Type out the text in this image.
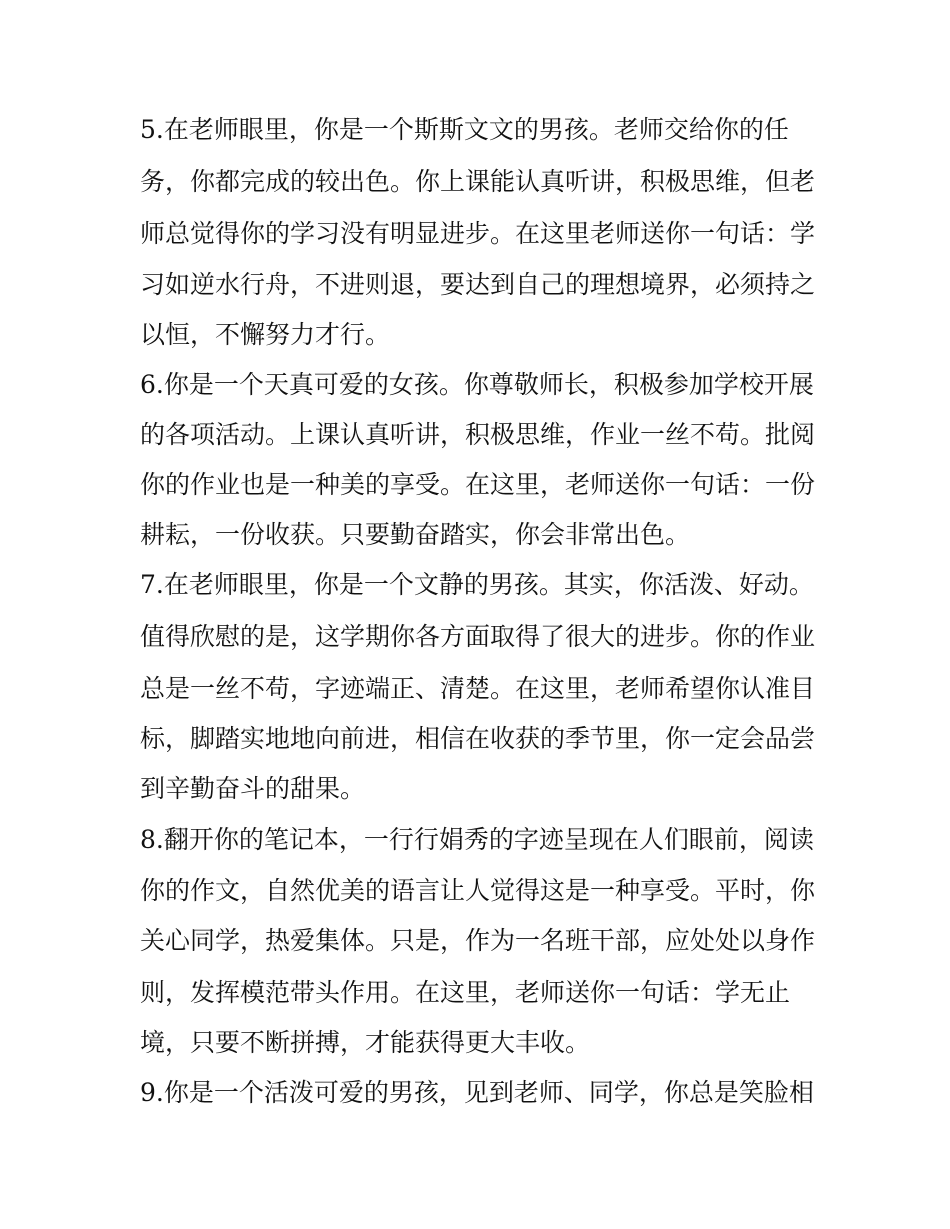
5.在老师眼里，你是一个斯斯文文的男孩。老师交给你的任
务，你都完成的较出色。你上课能认真听讲，积极思维，但老
师总觉得你的学习没有明显进步。在这里老师送你一句话：学
习如逆水行舟，不进则退，要达到自己的理想境界，必须持之
以恒，不懈努力才行。
6.你是一个天真可爱的女孩。你尊敬师长，积极参加学校开展
的各项活动。上课认真听讲，积极思维，作业一丝不苟。批阅
你的作业也是一种美的享受。在这里，老师送你一句话：一份
耕耘，一份收获。只要勤奋踏实，你会非常出色。
7.在老师眼里，你是一个文静的男孩。其实，你活泼、好动。
值得欣慰的是，这学期你各方面取得了很大的进步。你的作业
总是一丝不苟，字迹端正、清楚。在这里，老师希望你认准目
标，脚踏实地地向前进，相信在收获的季节里，你一定会品尝
到辛勤奋斗的甜果。
8.翻开你的笔记本，一行行娟秀的字迹呈现在人们眼前，阅读
你的作文，自然优美的语言让人觉得这是一种享受。平时，你
关心同学，热爱集体。只是，作为一名班干部，应处处以身作
则，发挥模范带头作用。在这里，老师送你一句话：学无止
境，只要不断拼搏，才能获得更大丰收。
9.你是一个活泼可爱的男孩，见到老师、同学，你总是笑脸相
